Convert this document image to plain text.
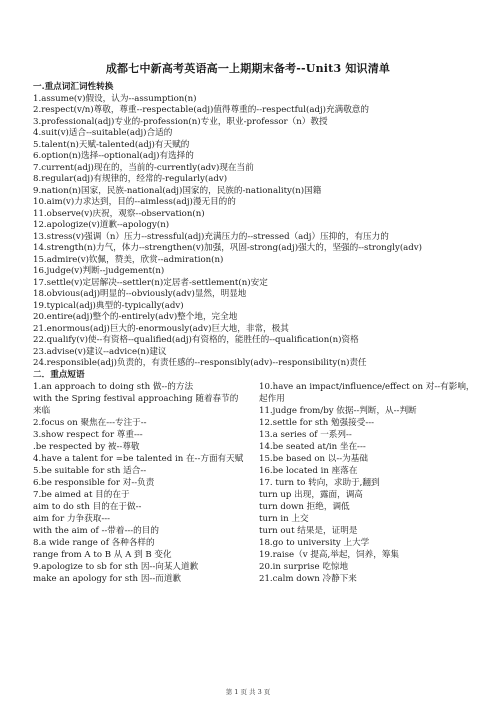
成都七中新高考英语高一上期期末备考--Unit3 知识清单
一.重点词汇词性转换
1.assume(v)假设，认为--assumption(n)
2.respect(v/n)尊敬，尊重--respectable(adj)值得尊重的--respectful(adj)充满敬意的
3.professional(adj)专业的-profession(n)专业，职业-professor（n）教授
4.suit(v)适合--suitable(adj)合适的
5.talent(n)天赋-talented(adj)有天赋的
6.option(n)选择--optional(adj)有选择的
7.current(adj)现在的，当前的-currently(adv)现在当前
8.regular(adj)有规律的，经常的-regularly(adv)
9.nation(n)国家，民族-national(adj)国家的，民族的-nationality(n)国籍
10.aim(v)力求达到，目的--aimless(adj)漫无目的的
11.observe(v)庆祝，观察--observation(n)
12.apologize(v)道歉--apology(n)
13.stress(v)强调（n）压力--stressful(adj)充满压力的--stressed（adj）压抑的，有压力的
14.strength(n)力气，体力--strengthen(v)加强，巩固-strong(adj)强大的，坚强的--strongly(adv)
15.admire(v)钦佩，赞美，欣赏--admiration(n)
16.judge(v)判断--judgement(n)
17.settle(v)定居解决--settler(n)定居者-settlement(n)安定
18.obvious(adj)明显的--obviously(adv)显然，明显地
19.typical(adj)典型的-typically(adv)
20.entire(adj)整个的-entirely(adv)整个地，完全地
21.enormous(adj)巨大的-enormously(adv)巨大地，非常，极其
22.qualify(v)使--有资格--qualified(adj)有资格的，能胜任的--qualification(n)资格
23.advise(v)建议--advice(n)建议
24.responsible(adj)负责的，有责任感的--responsibly(adv)--responsibility(n)责任
二．重点短语
1.an approach to doing sth 做--的方法
with the Spring festival approaching 随着春节的
来临
2.focus on 聚焦在---专注于--
3.show respect for 尊重---
.be respected by 被--尊敬
4.have a talent for =be talented in 在--方面有天赋
5.be suitable for sth 适合--
6.be responsible for 对--负责
7.be aimed at 目的在于
aim to do sth 目的在于做--
aim for 力争获取---
with the aim of --带着---的目的
8.a wide range of 各种各样的
range from A to B 从 A 到 B 变化
9.apologize to sb for sth 因--向某人道歉
make an apology for sth 因--而道歉
10.have an impact/influence/effect on 对--有影响，
起作用
11.judge from/by 依据--判断，从--判断
12.settle for sth 勉强接受---
13.a series of 一系列--
14.be seated at/in 坐在---
15.be based on 以--为基础
16.be located in 座落在
17. turn to 转向，求助于,翻到
turn up 出现，露面，调高
turn down 拒绝，调低
turn in 上交
turn out 结果是，证明是
18.go to university 上大学
19.raise（v 提高,举起，饲养，筹集
20.in surprise 吃惊地
21.calm down 冷静下来
第 1 页 共 3 页
